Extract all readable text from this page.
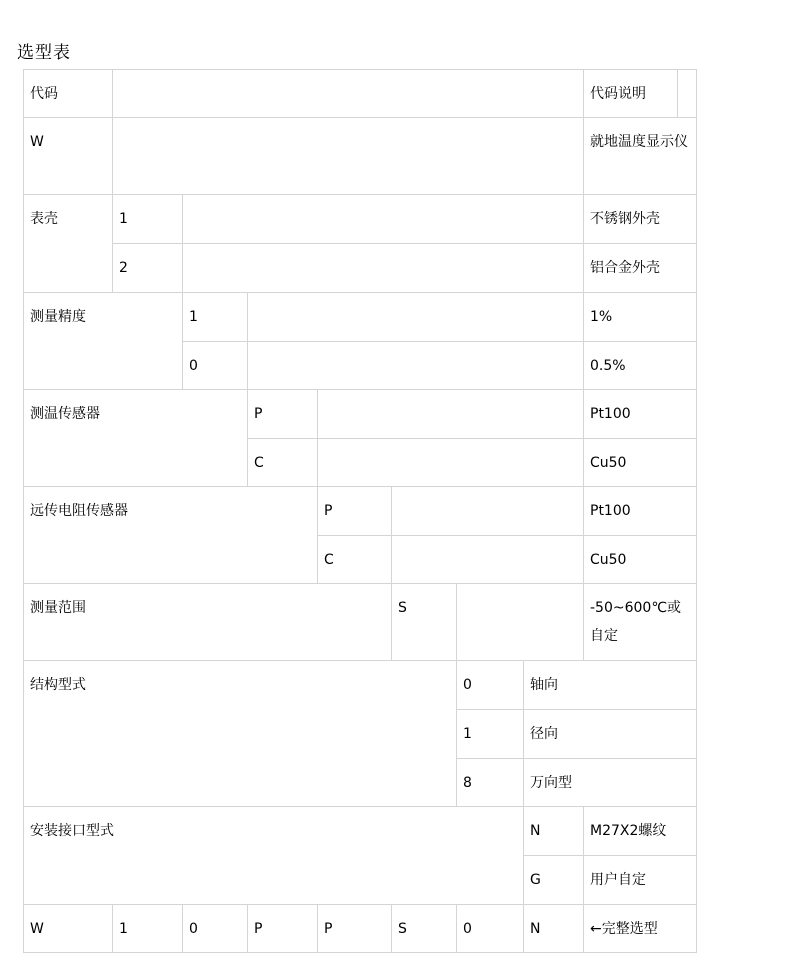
选型表
代码	代码说明
W	就地温度显示仪
表壳	1	不锈钢外壳
2	铝合金外壳
测量精度	1	1%
0	0.5%
测温传感器	P	Pt100
C	Cu50
远传电阻传感器	P	Pt100
C	Cu50
测量范围	S	-50~600℃或自定
结构型式	0	轴向
1	径向
8	万向型
安装接口型式	N	M27X2螺纹
G	用户自定
W	1	0	P	P	S	0	N	←完整选型
